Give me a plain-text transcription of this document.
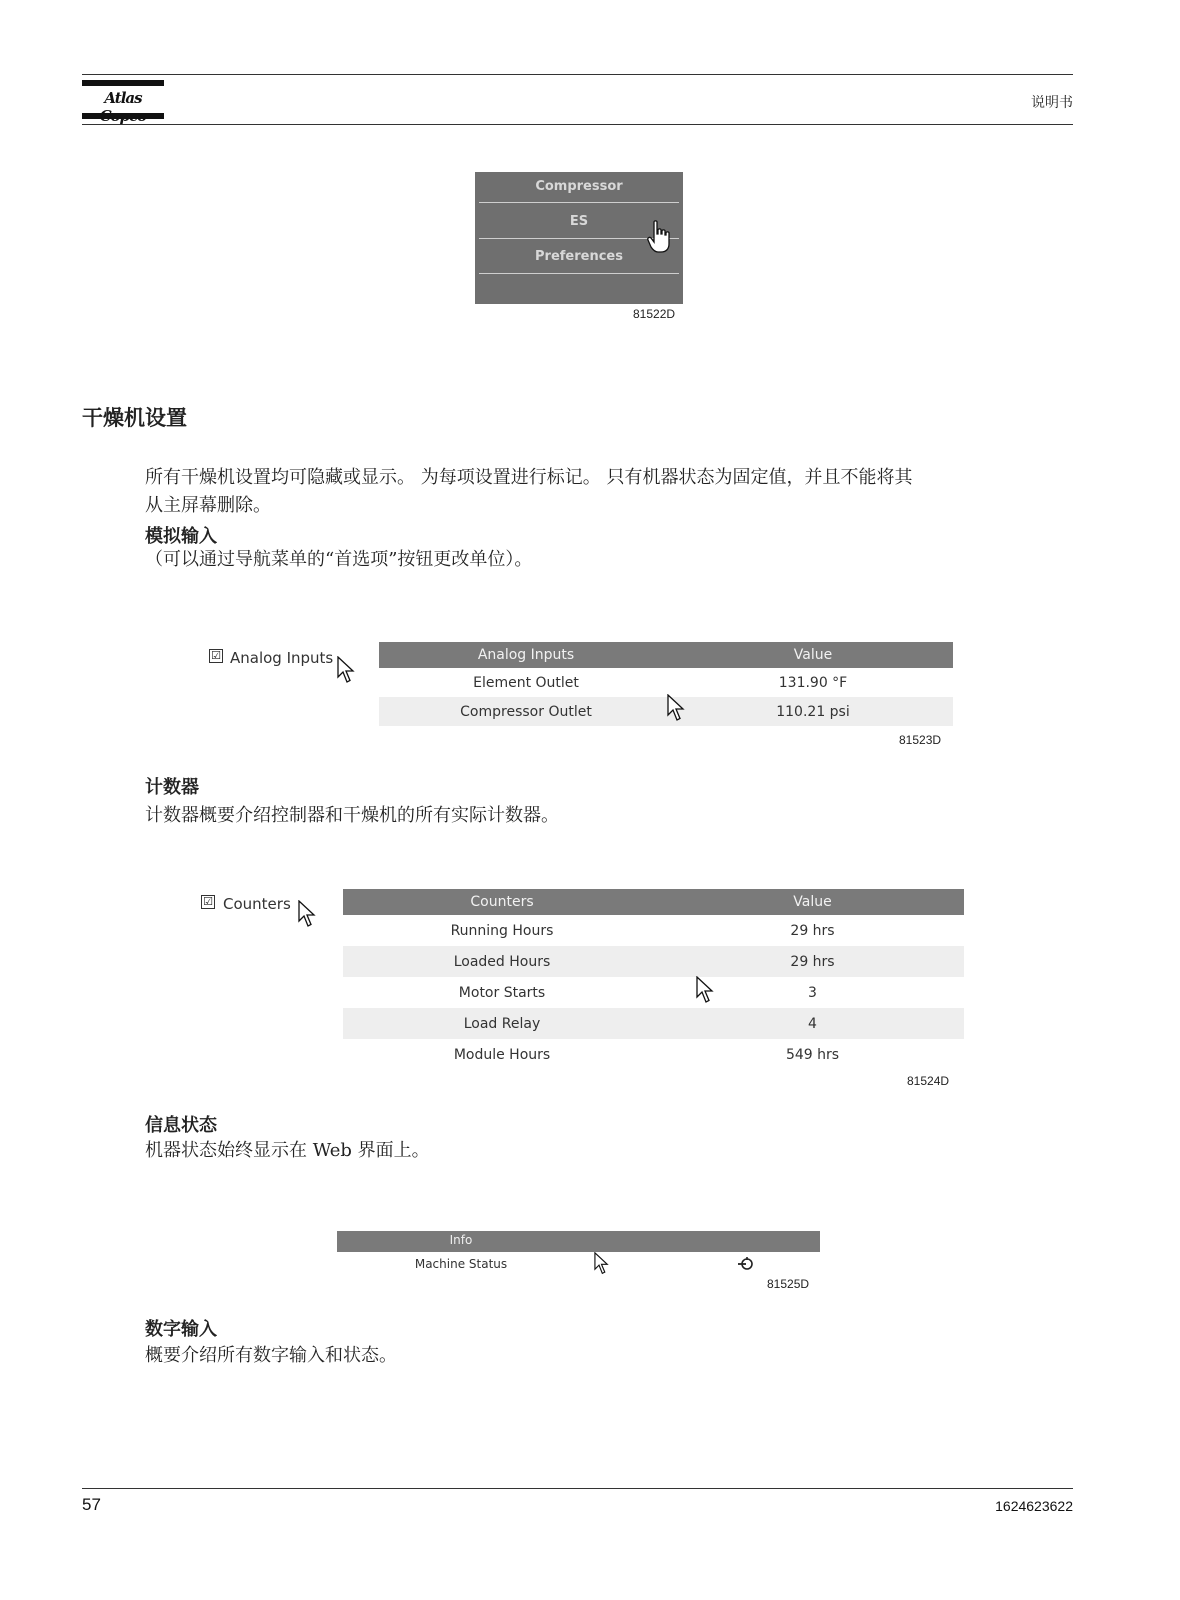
Atlas	说明书
Compressor
ES
Preferences
81522D
干燥机设置
所有干燥机设置均可隐藏或显示。 为每项设置进行标记。 只有机器状态为固定值，并且不能将其
从主屏幕删除。
模拟输入
（可以通过导航菜单的“首选项”按钮更改单位）。
☑ Analog Inputs	Analog Inputs	Value
Element Outlet	131.90 °F
Compressor Outlet	110.21 psi
81523D
计数器
计数器概要介绍控制器和干燥机的所有实际计数器。
☑ Counters	Counters	Value
Running Hours	29 hrs
Loaded Hours	29 hrs
Motor Starts	3
Load Relay	4
Module Hours	549 hrs
81524D
信息状态
机器状态始终显示在 Web 界面上。
Info
Machine Status
81525D
数字输入
概要介绍所有数字输入和状态。
57	1624623622
